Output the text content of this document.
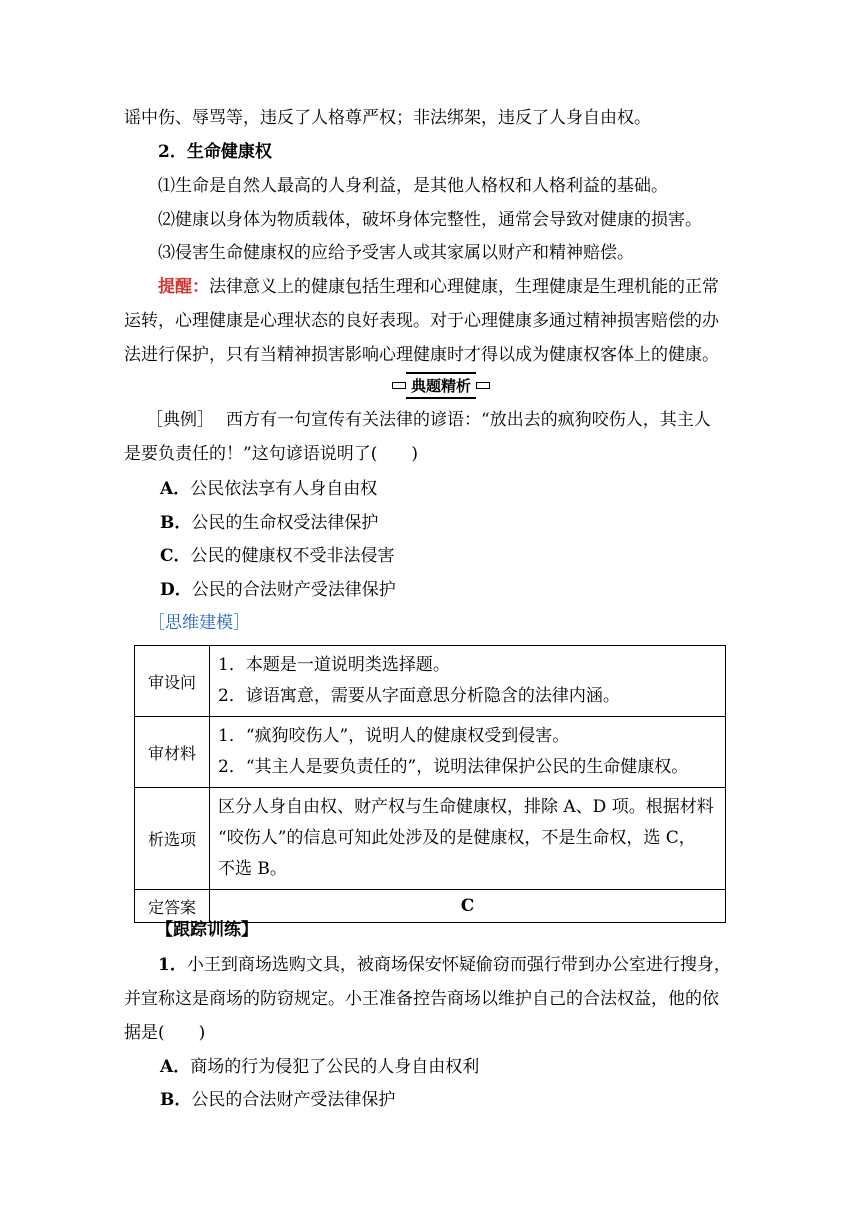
谣中伤、辱骂等，违反了人格尊严权；非法绑架，违反了人身自由权。
2．生命健康权
⑴生命是自然人最高的人身利益，是其他人格权和人格利益的基础。
⑵健康以身体为物质载体，破坏身体完整性，通常会导致对健康的损害。
⑶侵害生命健康权的应给予受害人或其家属以财产和精神赔偿。
提醒：法律意义上的健康包括生理和心理健康，生理健康是生理机能的正常
运转，心理健康是心理状态的良好表现。对于心理健康多通过精神损害赔偿的办
法进行保护，只有当精神损害影响心理健康时才得以成为健康权客体上的健康。
典题精析
［典例］ 西方有一句宣传有关法律的谚语：“放出去的疯狗咬伤人，其主人
是要负责任的！”这句谚语说明了(　　)
A．公民依法享有人身自由权
B．公民的生命权受法律保护
C．公民的健康权不受非法侵害
D．公民的合法财产受法律保护
［思维建模］
审设问	1．本题是一道说明类选择题。
2．谚语寓意，需要从字面意思分析隐含的法律内涵。

审材料	1．“疯狗咬伤人”，说明人的健康权受到侵害。
2．“其主人是要负责任的”，说明法律保护公民的生命健康权。

析选项	区分人身自由权、财产权与生命健康权，排除 A、D 项。根据材料
“咬伤人”的信息可知此处涉及的是健康权，不是生命权，选 C，
不选 B。

定答案	C
【跟踪训练】
1．小王到商场选购文具，被商场保安怀疑偷窃而强行带到办公室进行搜身，
并宣称这是商场的防窃规定。小王准备控告商场以维护自己的合法权益，他的依
据是(　　)
A．商场的行为侵犯了公民的人身自由权利
B．公民的合法财产受法律保护
